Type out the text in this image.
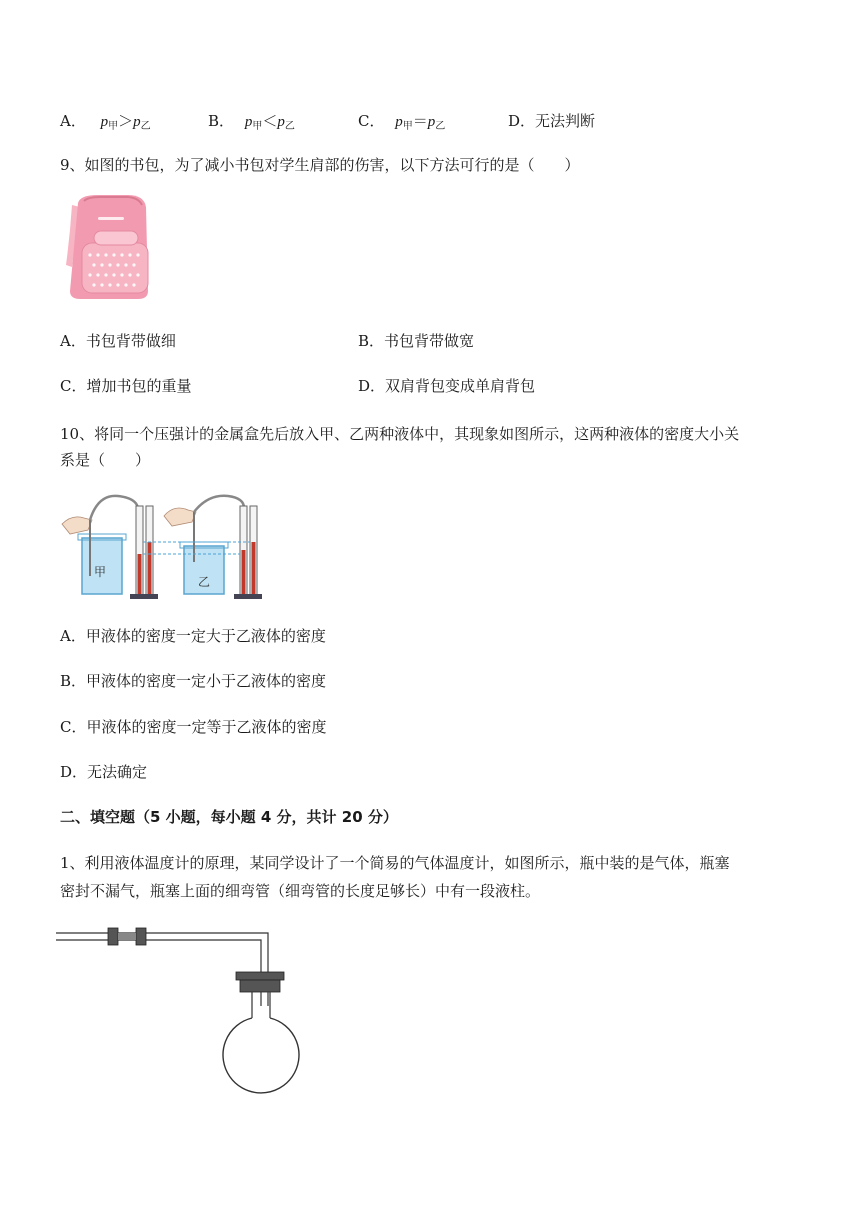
A． $p_甲>p_乙$	B． $p_甲<p_乙$	C． $p_甲=p_乙$	D．无法判断
9、如图的书包，为了减小书包对学生肩部的伤害，以下方法可行的是（　　）
A．书包背带做细	B．书包背带做宽
C．增加书包的重量	D．双肩背包变成单肩背包
10、将同一个压强计的金属盒先后放入甲、乙两种液体中，其现象如图所示，这两种液体的密度大小关
系是（　　）
甲
乙
A．甲液体的密度一定大于乙液体的密度
B．甲液体的密度一定小于乙液体的密度
C．甲液体的密度一定等于乙液体的密度
D．无法确定
二、填空题（5 小题，每小题 4 分，共计 20 分）
1、利用液体温度计的原理，某同学设计了一个简易的气体温度计，如图所示，瓶中装的是气体，瓶塞
密封不漏气，瓶塞上面的细弯管（细弯管的长度足够长）中有一段液柱。
